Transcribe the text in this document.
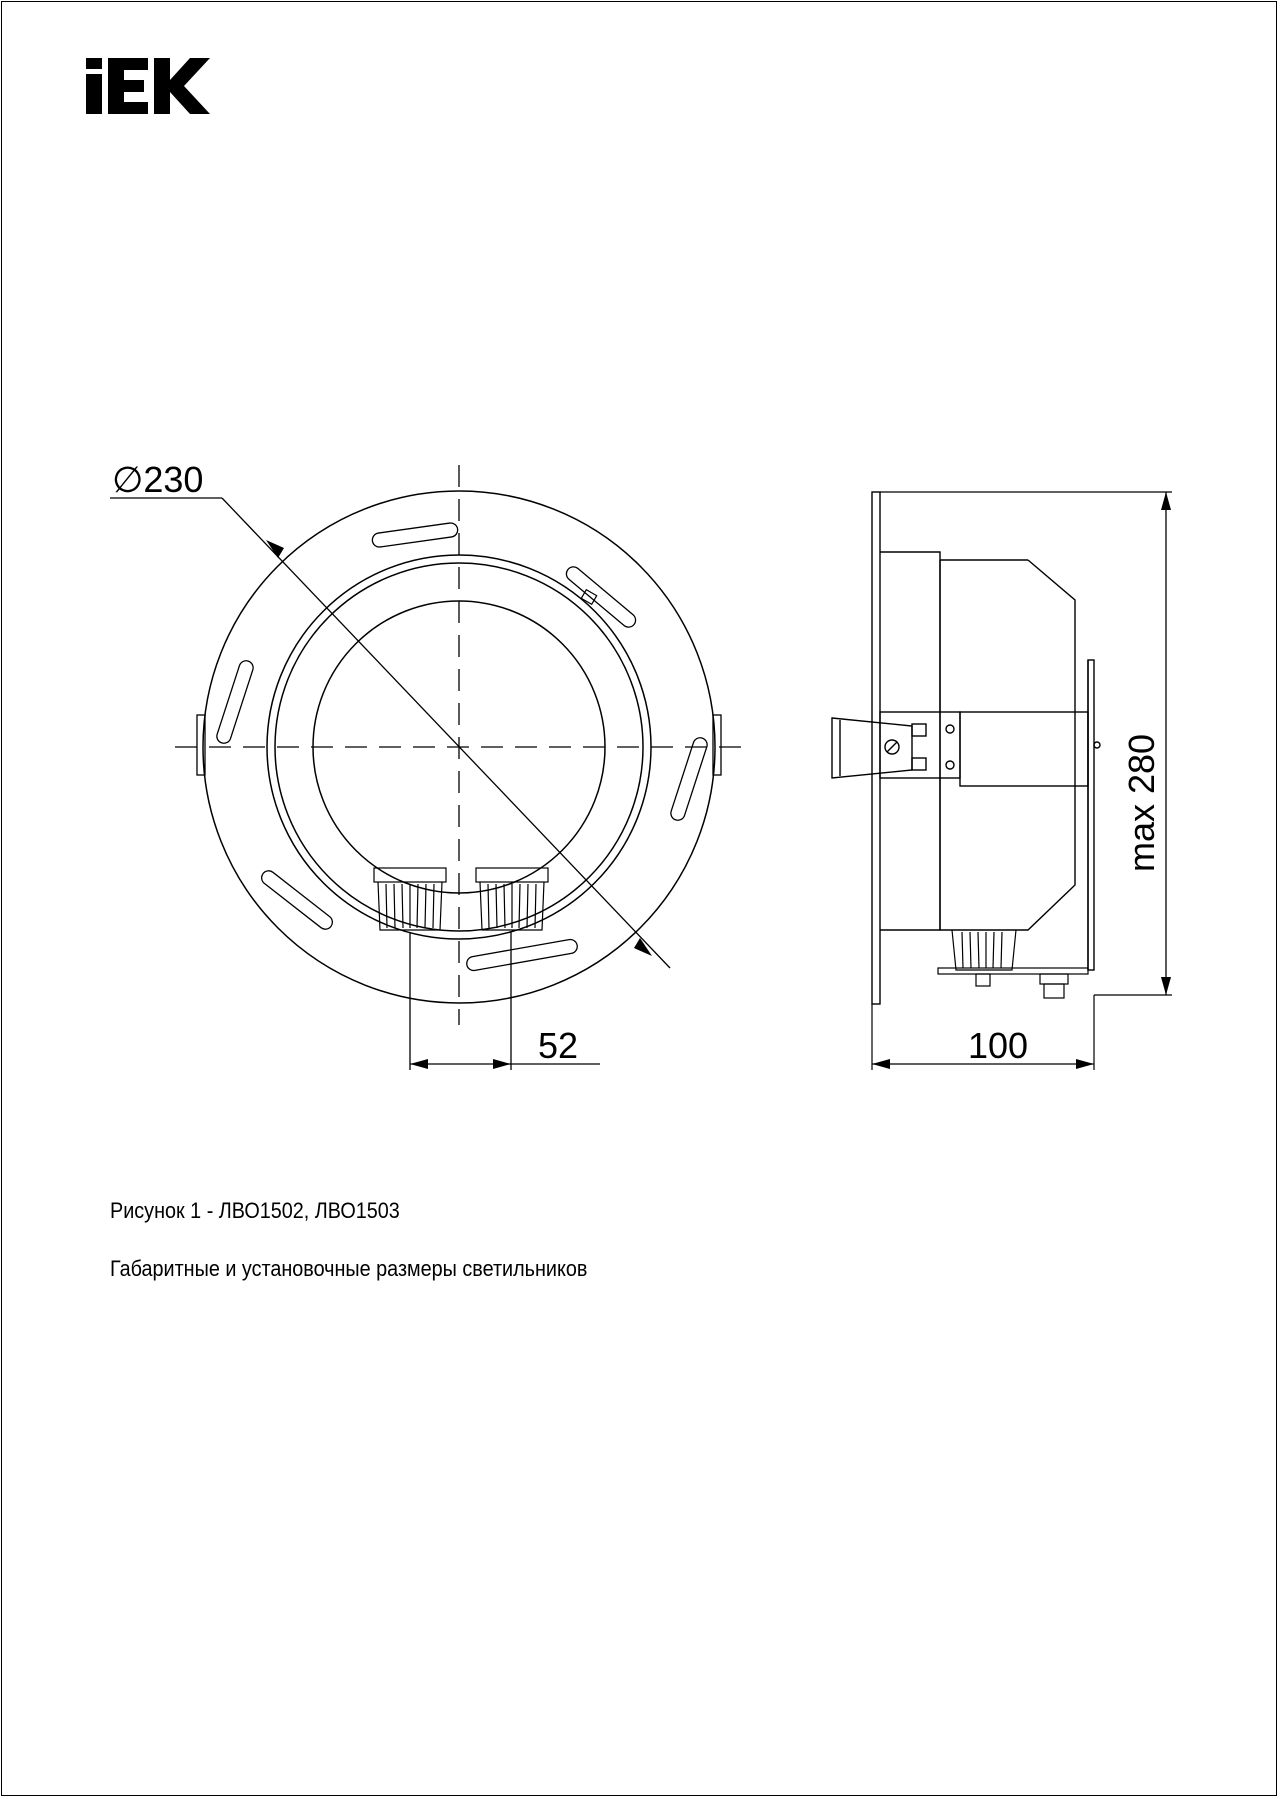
∅230
52	100
max 280
Рисунок 1 - ЛВО1502, ЛВО1503
Габаритные и установочные размеры светильников
